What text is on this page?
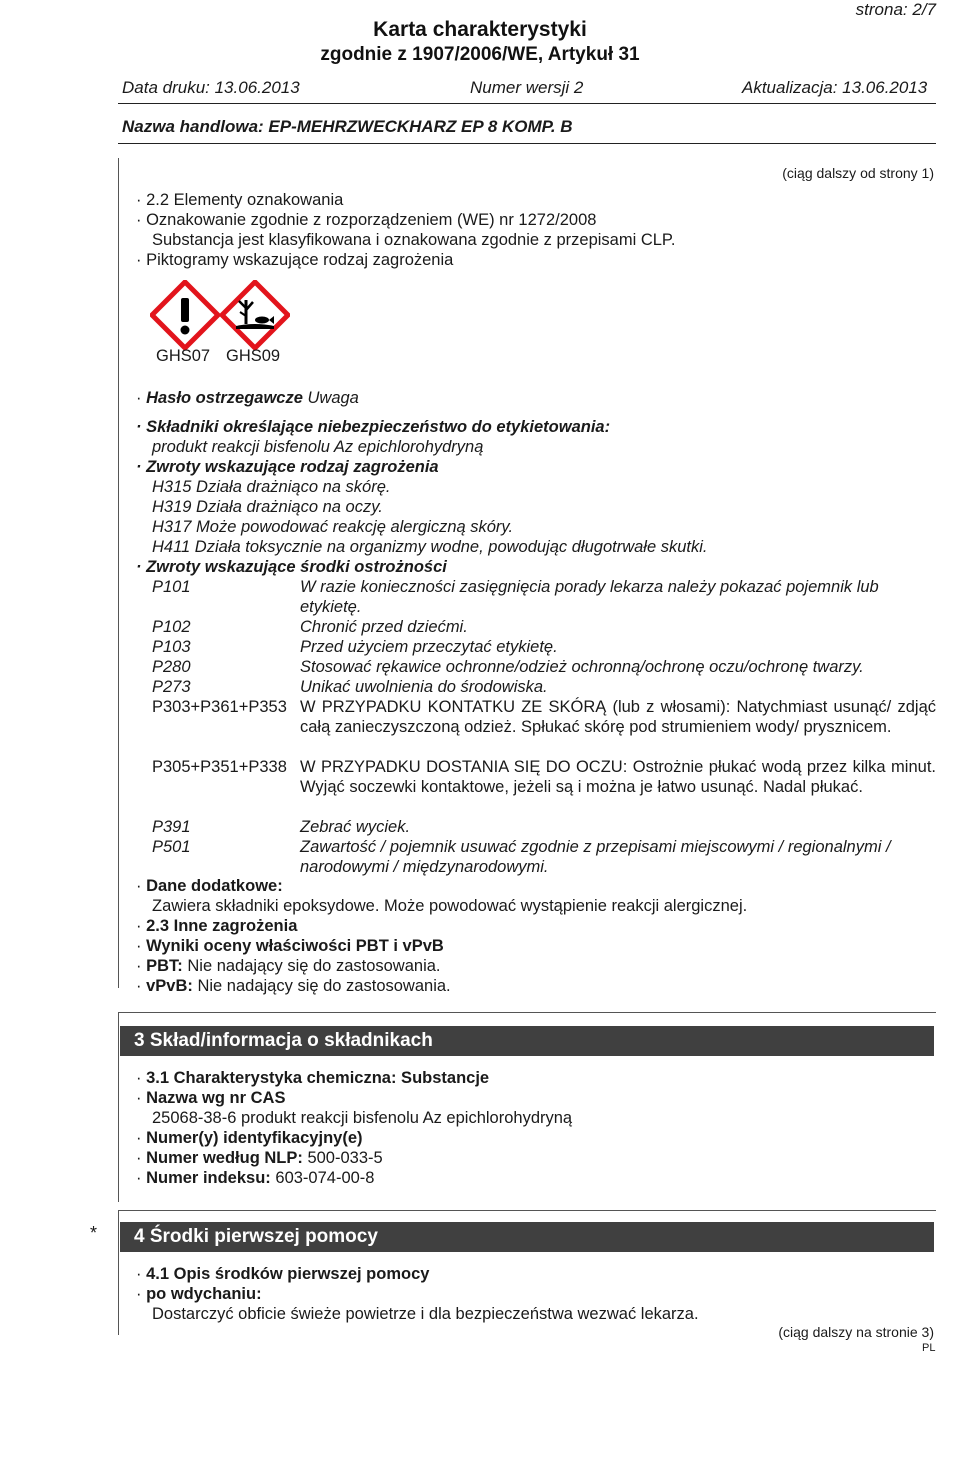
strona: 2/7
Karta charakterystyki
zgodnie z 1907/2006/WE, Artykuł 31
Data druku: 13.06.2013	Numer wersji 2	Aktualizacja: 13.06.2013
Nazwa handlowa: EP-MEHRZWECKHARZ EP 8 KOMP. B
(ciąg dalszy od strony 1)
· 2.2 Elementy oznakowania
· Oznakowanie zgodnie z rozporządzeniem (WE) nr 1272/2008
Substancja jest klasyfikowana i oznakowana zgodnie z przepisami CLP.
· Piktogramy wskazujące rodzaj zagrożenia
GHS07 GHS09
· Hasło ostrzegawcze Uwaga
· Składniki określające niebezpieczeństwo do etykietowania:
produkt reakcji bisfenolu Az epichlorohydryną
· Zwroty wskazujące rodzaj zagrożenia
H315 Działa drażniąco na skórę.
H319 Działa drażniąco na oczy.
H317 Może powodować reakcję alergiczną skóry.
H411 Działa toksycznie na organizmy wodne, powodując długotrwałe skutki.
· Zwroty wskazujące środki ostrożności
P101	W razie konieczności zasięgnięcia porady lekarza należy pokazać pojemnik lub etykietę.
P102	Chronić przed dziećmi.
P103	Przed użyciem przeczytać etykietę.
P280	Stosować rękawice ochronne/odzież ochronną/ochronę oczu/ochronę twarzy.
P273	Unikać uwolnienia do środowiska.
P303+P361+P353 W PRZYPADKU KONTATKU ZE SKÓRĄ (lub z włosami): Natychmiast usunąć/ zdjąć całą zanieczyszczoną odzież. Spłukać skórę pod strumieniem wody/ prysznicem.
P305+P351+P338 W PRZYPADKU DOSTANIA SIĘ DO OCZU: Ostrożnie płukać wodą przez kilka minut. Wyjąć soczewki kontaktowe, jeżeli są i można je łatwo usunąć. Nadal płukać.
P391	Zebrać wyciek.
P501	Zawartość / pojemnik usuwać zgodnie z przepisami miejscowymi / regionalnymi / narodowymi / międzynarodowymi.
· Dane dodatkowe:
Zawiera składniki epoksydowe. Może powodować wystąpienie reakcji alergicznej.
· 2.3 Inne zagrożenia
· Wyniki oceny właściwości PBT i vPvB
· PBT: Nie nadający się do zastosowania.
· vPvB: Nie nadający się do zastosowania.
3 Skład/informacja o składnikach
· 3.1 Charakterystyka chemiczna: Substancje
· Nazwa wg nr CAS
25068-38-6 produkt reakcji bisfenolu Az epichlorohydryną
· Numer(y) identyfikacyjny(e)
· Numer według NLP: 500-033-5
· Numer indeksu: 603-074-00-8
*	4 Środki pierwszej pomocy
· 4.1 Opis środków pierwszej pomocy
· po wdychaniu:
Dostarczyć obficie świeże powietrze i dla bezpieczeństwa wezwać lekarza.
(ciąg dalszy na stronie 3)
PL
